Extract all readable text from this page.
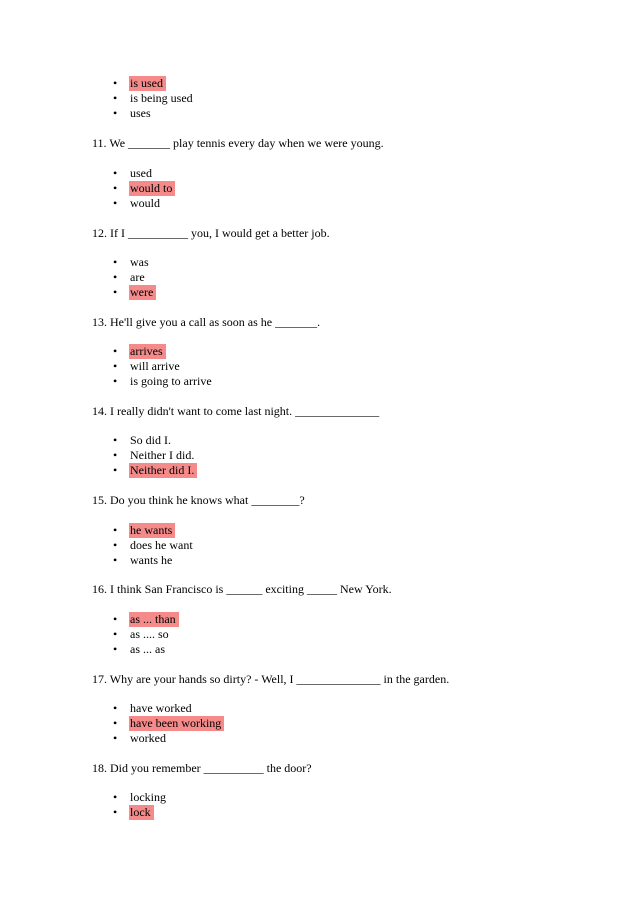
• is used
• is being used
• uses

11. We _______ play tennis every day when we were young.

• used
• would to
• would

12. If I __________ you, I would get a better job.

• was
• are
• were

13. He'll give you a call as soon as he _______.

• arrives
• will arrive
• is going to arrive

14. I really didn't want to come last night. ______________

• So did I.
• Neither I did.
• Neither did I.

15. Do you think he knows what ________?

• he wants
• does he want
• wants he

16. I think San Francisco is ______ exciting _____ New York.

• as ... than
• as .... so
• as ... as

17. Why are your hands so dirty? - Well, I ______________ in the garden.

• have worked
• have been working
• worked

18. Did you remember __________ the door?

• locking
• lock
